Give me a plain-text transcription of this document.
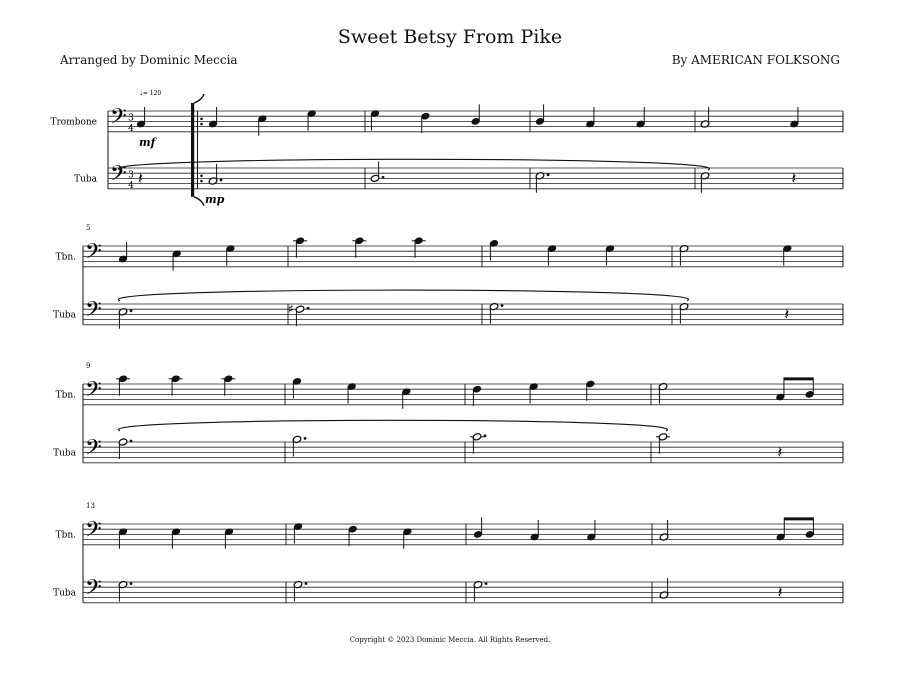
Sweet Betsy From Pike
Arranged by Dominic Meccia	By AMERICAN FOLKSONG
Trombone
Tuba
𝄢
𝄢
3
4
3
4
♩= 120
mf
mp
𝄽	𝄽
Tbn.
Tuba
5
𝄢
𝄢	♯	𝄽
Tbn.
Tuba
9
𝄢
𝄢	𝄽
Tbn.
Tuba
13
𝄢
𝄢	𝄽
Copyright © 2023 Dominic Meccia. All Rights Reserved.
